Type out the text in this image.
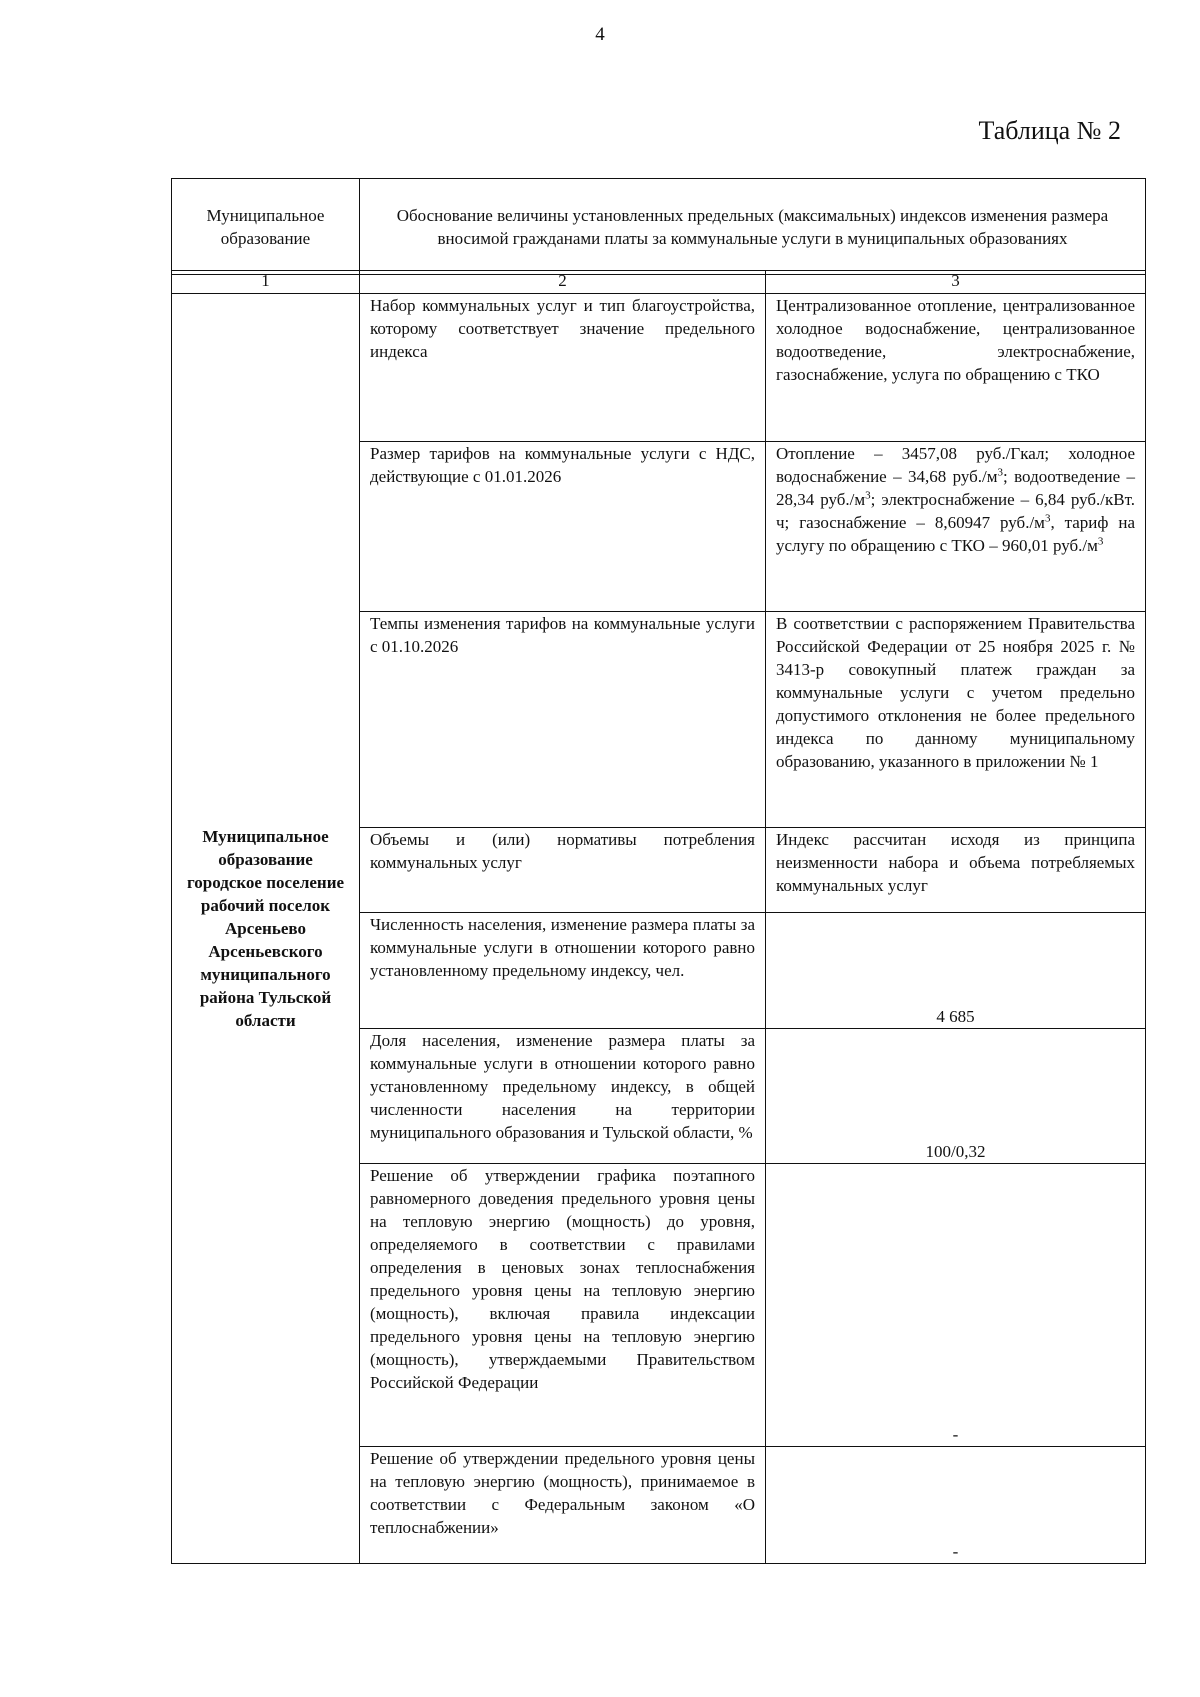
4
Таблица № 2
Муниципальное образование	Обоснование величины установленных предельных (максимальных) индексов изменения размера вносимой гражданами платы за коммунальные услуги в муниципальных образованиях
1	2	3
Муниципальное образование городское поселение рабочий поселок Арсеньево Арсеньевского муниципального района Тульской области	Набор коммунальных услуг и тип благоустройства, которому соответствует значение предельного индекса	Централизованное отопление, централизованное холодное водоснабжение, централизованное водоотведение, электроснабжение, газоснабжение, услуга по обращению с ТКО
	Размер тарифов на коммунальные услуги с НДС, действующие с 01.01.2026	Отопление – 3457,08 руб./Гкал; холодное водоснабжение – 34,68 $руб./м^3$; водоотведение – 28,34 $руб./м^3$; электроснабжение – 6,84 руб./кВт. ч; газоснабжение – 8,60947 $руб./м^3$, тариф на услугу по обращению с ТКО – 960,01 $руб./м^3$
	Темпы изменения тарифов на коммунальные услуги с 01.10.2026	В соответствии с распоряжением Правительства Российской Федерации от 25 ноября 2025 г. № 3413-р совокупный платеж граждан за коммунальные услуги с учетом предельно допустимого отклонения не более предельного индекса по данному муниципальному образованию, указанного в приложении № 1
	Объемы и (или) нормативы потребления коммунальных услуг	Индекс рассчитан исходя из принципа неизменности набора и объема потребляемых коммунальных услуг
	Численность населения, изменение размера платы за коммунальные услуги в отношении которого равно установленному предельному индексу, чел.	4 685
	Доля населения, изменение размера платы за коммунальные услуги в отношении которого равно установленному предельному индексу, в общей численности населения на территории муниципального образования и Тульской области, %	100/0,32
	Решение об утверждении графика поэтапного равномерного доведения предельного уровня цены на тепловую энергию (мощность) до уровня, определяемого в соответствии с правилами определения в ценовых зонах теплоснабжения предельного уровня цены на тепловую энергию (мощность), включая правила индексации предельного уровня цены на тепловую энергию (мощность), утверждаемыми Правительством Российской Федерации	-
	Решение об утверждении предельного уровня цены на тепловую энергию (мощность), принимаемое в соответствии с Федеральным законом «О теплоснабжении»	-
